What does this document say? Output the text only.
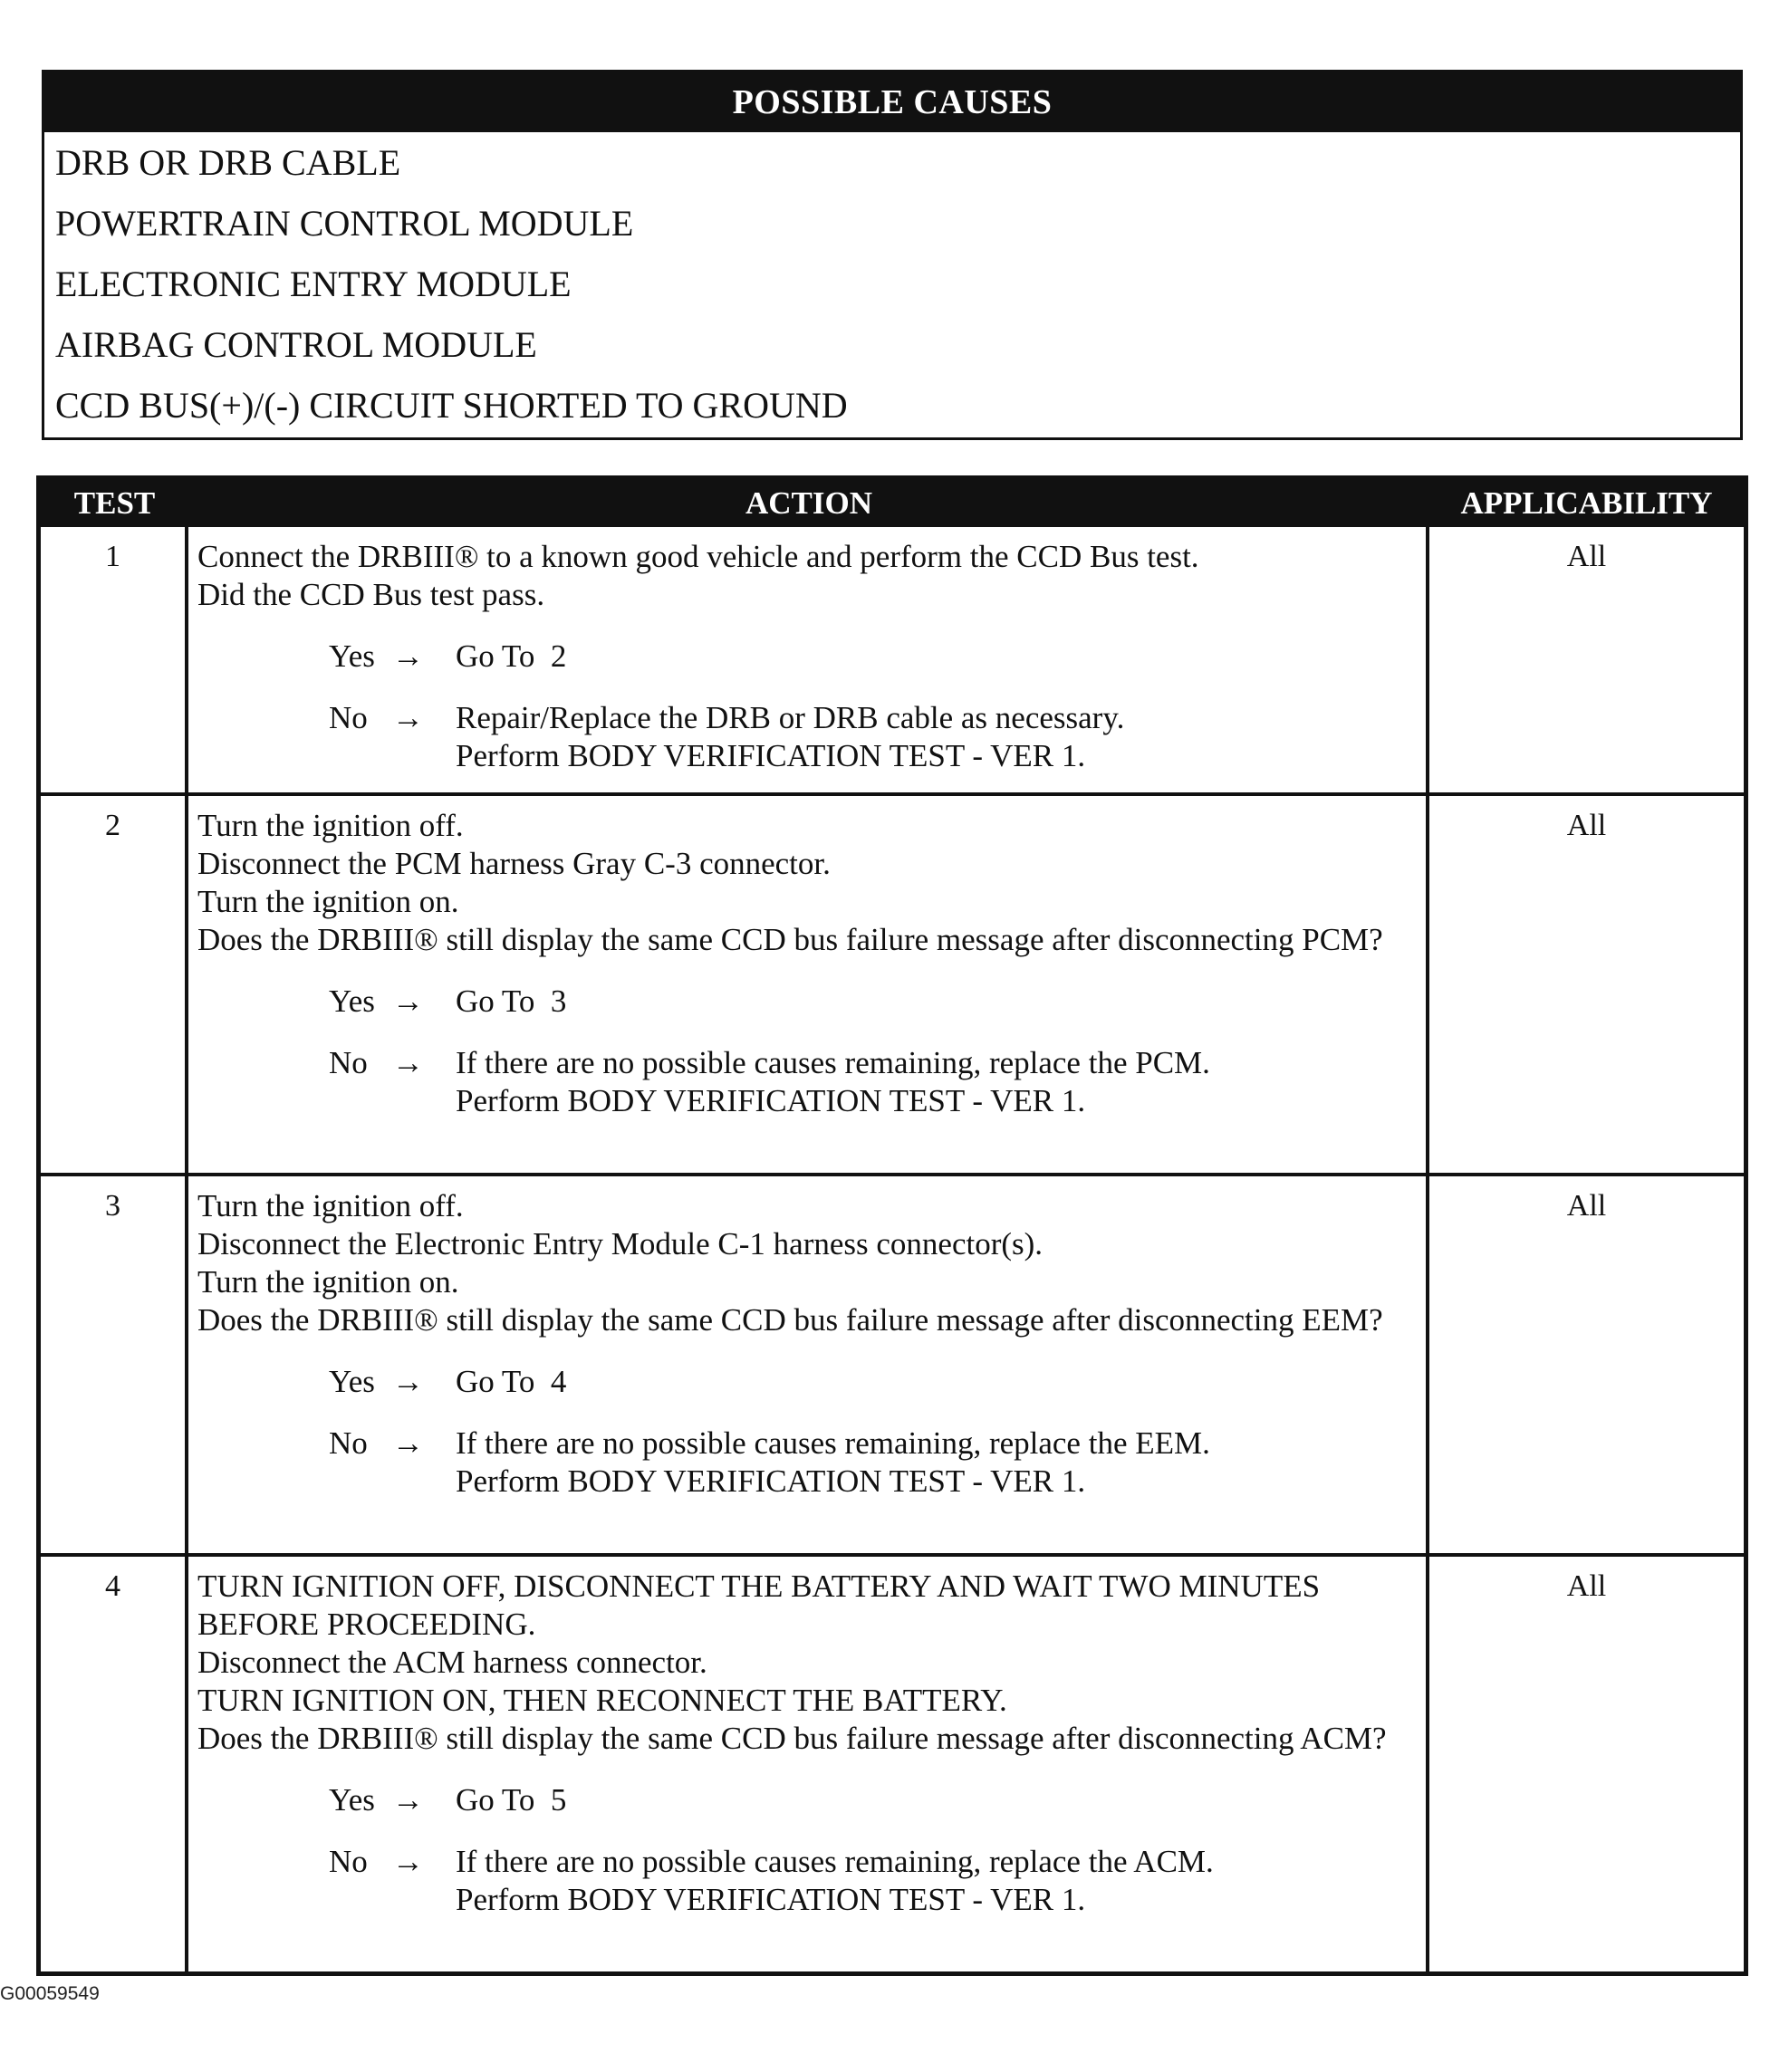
POSSIBLE CAUSES
DRB OR DRB CABLE
POWERTRAIN CONTROL MODULE
ELECTRONIC ENTRY MODULE
AIRBAG CONTROL MODULE
CCD BUS(+)/(-) CIRCUIT SHORTED TO GROUND
TEST	ACTION	APPLICABILITY
1	Connect the DRBIII® to a known good vehicle and perform the CCD Bus test.
Did the CCD Bus test pass.
Yes →	Go To  2
No →	Repair/Replace the DRB or DRB cable as necessary.
Perform BODY VERIFICATION TEST - VER 1.
All
2	Turn the ignition off.
Disconnect the PCM harness Gray C-3 connector.
Turn the ignition on.
Does the DRBIII® still display the same CCD bus failure message after disconnecting PCM?
Yes →	Go To  3
No →	If there are no possible causes remaining, replace the PCM.
Perform BODY VERIFICATION TEST - VER 1.
All
3	Turn the ignition off.
Disconnect the Electronic Entry Module C-1 harness connector(s).
Turn the ignition on.
Does the DRBIII® still display the same CCD bus failure message after disconnecting EEM?
Yes →	Go To  4
No →	If there are no possible causes remaining, replace the EEM.
Perform BODY VERIFICATION TEST - VER 1.
All
4	TURN IGNITION OFF, DISCONNECT THE BATTERY AND WAIT TWO MINUTES BEFORE PROCEEDING.
Disconnect the ACM harness connector.
TURN IGNITION ON, THEN RECONNECT THE BATTERY.
Does the DRBIII® still display the same CCD bus failure message after disconnecting ACM?
Yes →	Go To  5
No →	If there are no possible causes remaining, replace the ACM.
Perform BODY VERIFICATION TEST - VER 1.
All
G00059549
